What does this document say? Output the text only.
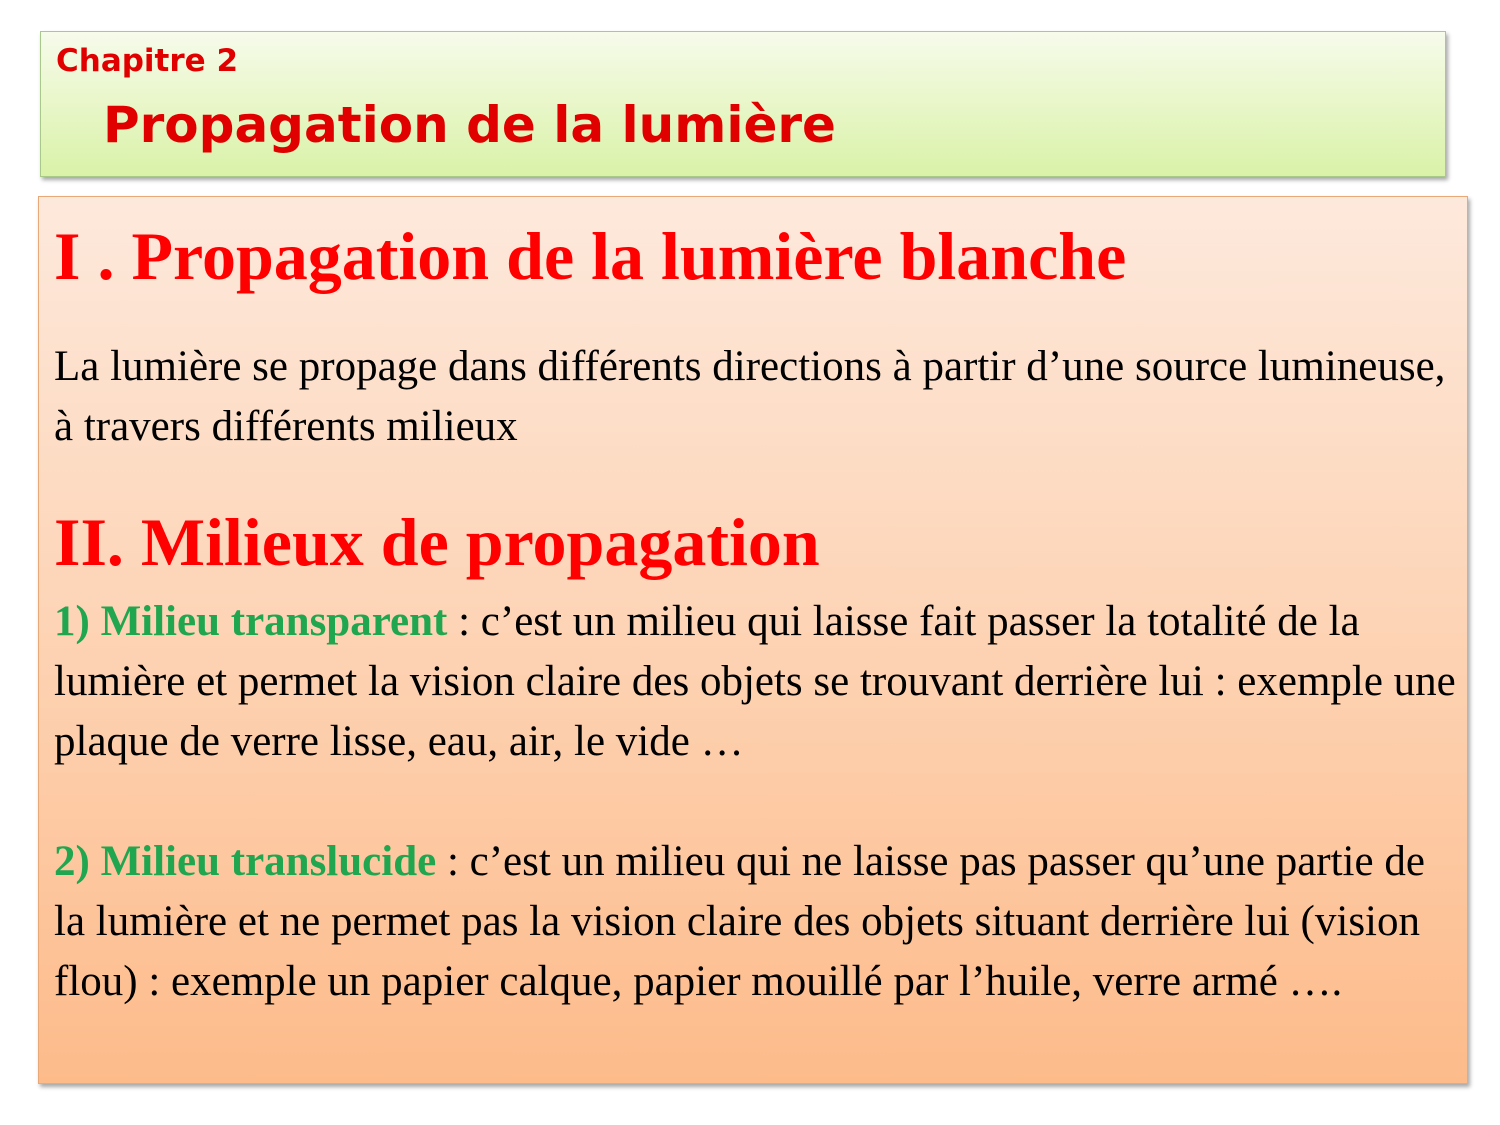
Chapitre 2
Propagation de la lumière
I . Propagation de la lumière blanche

La lumière se propage dans différents directions à partir d’une source lumineuse, à travers différents milieux

II. Milieux de propagation

1) Milieu transparent : c’est un milieu qui laisse fait passer la totalité de la lumière et permet la vision claire des objets se trouvant derrière lui : exemple une plaque de verre lisse, eau, air, le vide …

2) Milieu translucide : c’est un milieu qui ne laisse pas passer qu’une partie de la lumière et ne permet pas la vision claire des objets situant derrière lui (vision flou) : exemple un papier calque, papier mouillé par l’huile, verre armé ….
